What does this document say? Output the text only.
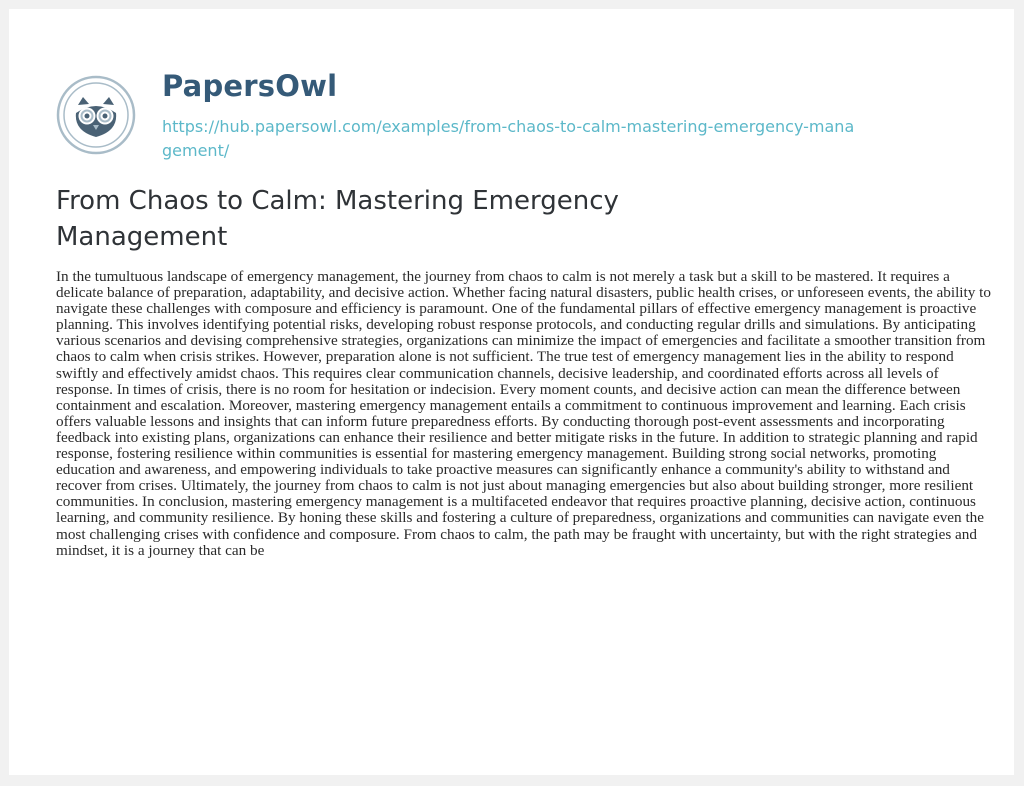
PapersOwl
https://hub.papersowl.com/examples/from-chaos-to-calm-mastering-emergency-management/
From Chaos to Calm: Mastering Emergency Management

In the tumultuous landscape of emergency management, the journey from chaos to calm is not merely a task but a skill to be mastered. It requires a delicate balance of preparation, adaptability, and decisive action. Whether facing natural disasters, public health crises, or unforeseen events, the ability to navigate these challenges with composure and efficiency is paramount. One of the fundamental pillars of effective emergency management is proactive planning. This involves identifying potential risks, developing robust response protocols, and conducting regular drills and simulations. By anticipating various scenarios and devising comprehensive strategies, organizations can minimize the impact of emergencies and facilitate a smoother transition from chaos to calm when crisis strikes. However, preparation alone is not sufficient. The true test of emergency management lies in the ability to respond swiftly and effectively amidst chaos. This requires clear communication channels, decisive leadership, and coordinated efforts across all levels of response. In times of crisis, there is no room for hesitation or indecision. Every moment counts, and decisive action can mean the difference between containment and escalation. Moreover, mastering emergency management entails a commitment to continuous improvement and learning. Each crisis offers valuable lessons and insights that can inform future preparedness efforts. By conducting thorough post-event assessments and incorporating feedback into existing plans, organizations can enhance their resilience and better mitigate risks in the future. In addition to strategic planning and rapid response, fostering resilience within communities is essential for mastering emergency management. Building strong social networks, promoting education and awareness, and empowering individuals to take proactive measures can significantly enhance a community's ability to withstand and recover from crises. Ultimately, the journey from chaos to calm is not just about managing emergencies but also about building stronger, more resilient communities. In conclusion, mastering emergency management is a multifaceted endeavor that requires proactive planning, decisive action, continuous learning, and community resilience. By honing these skills and fostering a culture of preparedness, organizations and communities can navigate even the most challenging crises with confidence and composure. From chaos to calm, the path may be fraught with uncertainty, but with the right strategies and mindset, it is a journey that can be
